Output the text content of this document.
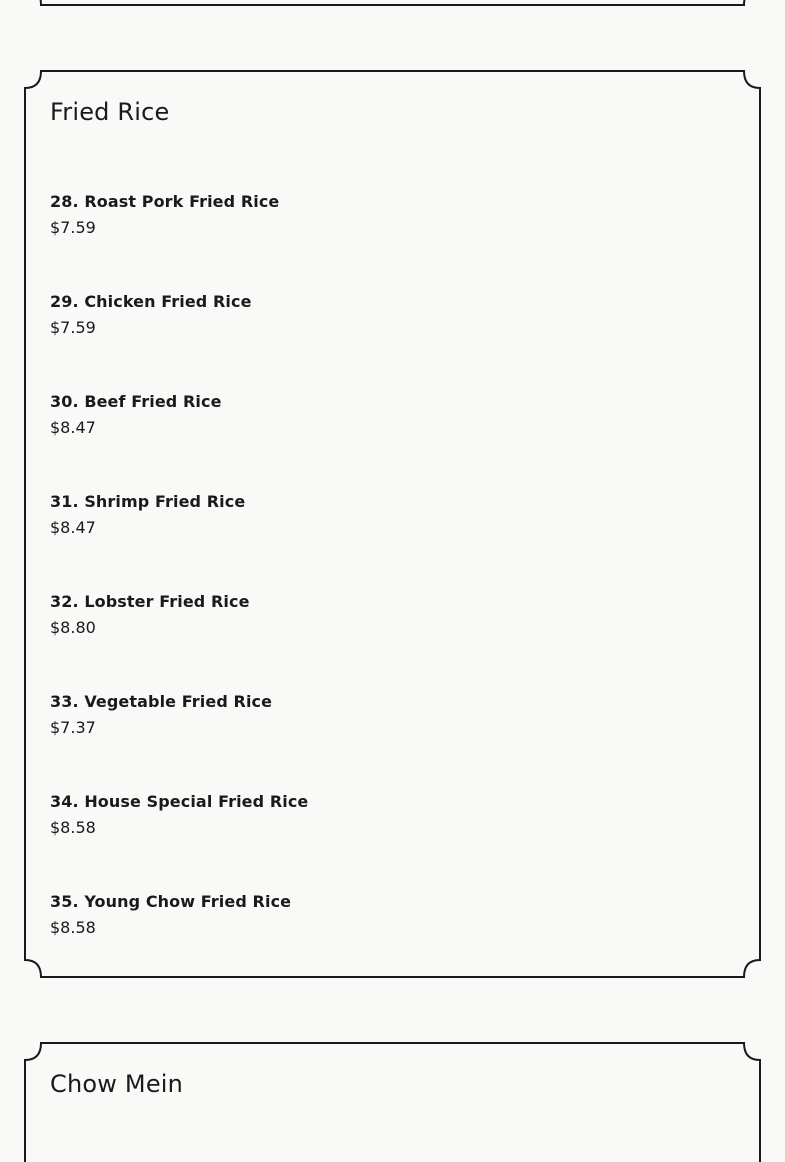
Fried Rice
28. Roast Pork Fried Rice
$7.59
29. Chicken Fried Rice
$7.59
30. Beef Fried Rice
$8.47
31. Shrimp Fried Rice
$8.47
32. Lobster Fried Rice
$8.80
33. Vegetable Fried Rice
$7.37
34. House Special Fried Rice
$8.58
35. Young Chow Fried Rice
$8.58
Chow Mein
